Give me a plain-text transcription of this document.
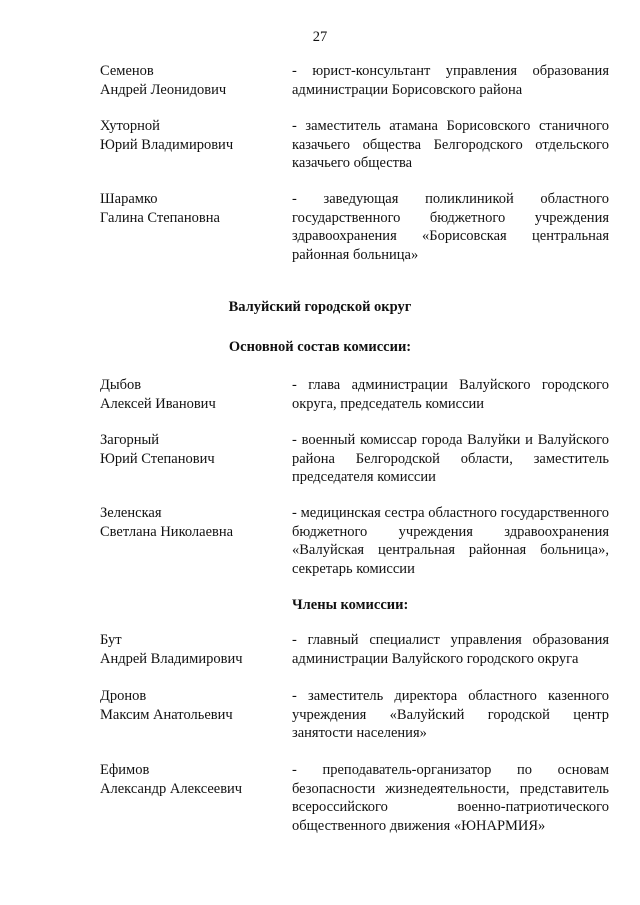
27
Семенов
Андрей Леонидович
- юрист-консультант управления образования администрации Борисовского района
Хуторной
Юрий Владимирович
- заместитель атамана Борисовского станичного казачьего общества Белгородского отдельского казачьего общества
Шарамко
Галина Степановна
- заведующая поликлиникой областного государственного бюджетного учреждения здравоохранения «Борисовская центральная районная больница»
Валуйский городской округ
Основной состав комиссии:
Дыбов
Алексей Иванович
- глава администрации Валуйского городского округа, председатель комиссии
Загорный
Юрий Степанович
- военный комиссар города Валуйки и Валуйского района Белгородской области, заместитель председателя комиссии
Зеленская
Светлана Николаевна
- медицинская сестра областного государственного бюджетного учреждения здравоохранения «Валуйская центральная районная больница», секретарь комиссии
Члены комиссии:
Бут
Андрей Владимирович
- главный специалист управления образования администрации Валуйского городского округа
Дронов
Максим Анатольевич
- заместитель директора областного казенного учреждения «Валуйский городской центр занятости населения»
Ефимов
Александр Алексеевич
- преподаватель-организатор по основам безопасности жизнедеятельности, представитель всероссийского военно-патриотического общественного движения «ЮНАРМИЯ»
